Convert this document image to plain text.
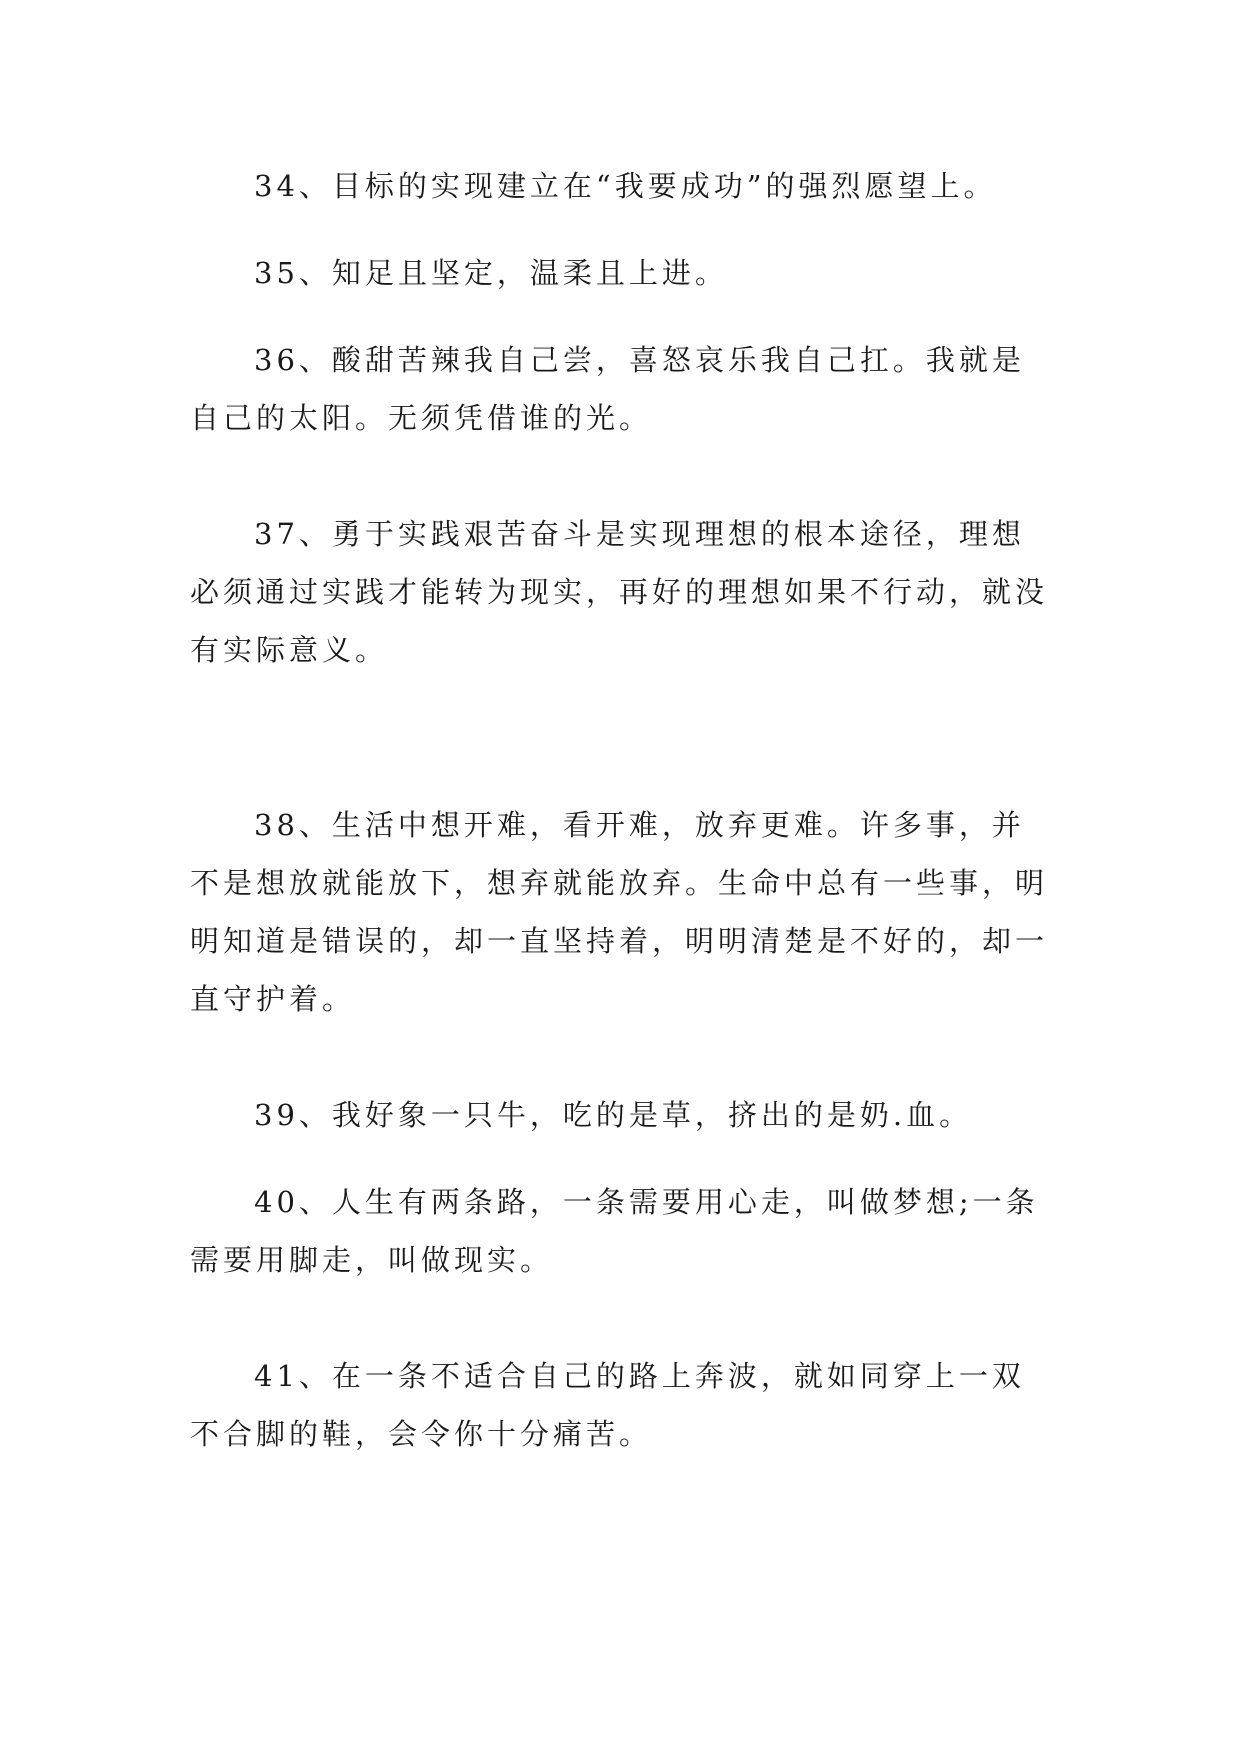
34、目标的实现建立在“我要成功”的强烈愿望上。

35、知足且坚定，温柔且上进。

36、酸甜苦辣我自己尝，喜怒哀乐我自己扛。我就是自己的太阳。无须凭借谁的光。

37、勇于实践艰苦奋斗是实现理想的根本途径，理想必须通过实践才能转为现实，再好的理想如果不行动，就没有实际意义。

38、生活中想开难，看开难，放弃更难。许多事，并不是想放就能放下，想弃就能放弃。生命中总有一些事，明明知道是错误的，却一直坚持着，明明清楚是不好的，却一直守护着。

39、我好象一只牛，吃的是草，挤出的是奶.血。

40、人生有两条路，一条需要用心走，叫做梦想;一条需要用脚走，叫做现实。

41、在一条不适合自己的路上奔波，就如同穿上一双不合脚的鞋，会令你十分痛苦。
